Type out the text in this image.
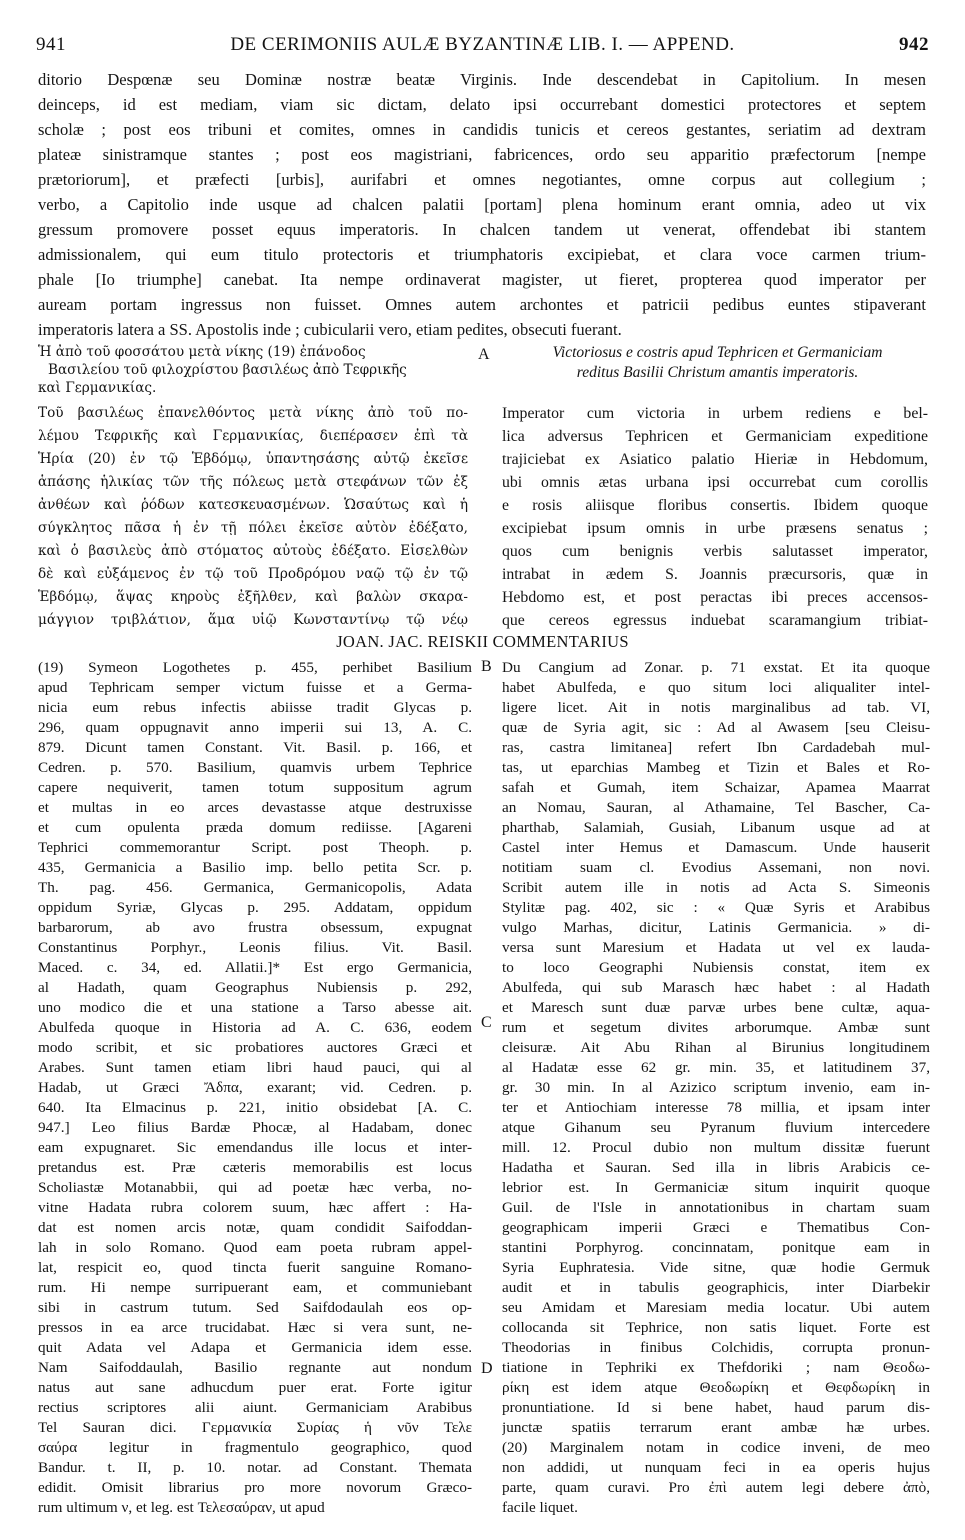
941	DE CERIMONIIS AULÆ BYZANTINÆ LIB. I. — APPEND.	942
ditorio Despœnæ seu Dominæ nostræ beatæ Virginis. Inde descendebat in Capitolium. In mesen
deinceps, id est mediam, viam sic dictam, delato ipsi occurrebant domestici protectores et septem
scholæ ; post eos tribuni et comites, omnes in candidis tunicis et cereos gestantes, seriatim ad dextram
plateæ sinistramque stantes ; post eos magistriani, fabricences, ordo seu apparitio præfectorum [nempe
prætoriorum], et præfecti [urbis], aurifabri et omnes negotiantes, omne corpus aut collegium ;
verbo, a Capitolio inde usque ad chalcen palatii [portam] plena hominum erant omnia, adeo ut vix
gressum promovere posset equus imperatoris. In chalcen tandem ut venerat, offendebat ibi stantem
admissionalem, qui eum titulo protectoris et triumphatoris excipiebat, et clara voce carmen trium-
phale [Io triumphe] canebat. Ita nempe ordinaverat magister, ut fieret, propterea quod imperator per
auream portam ingressus non fuisset. Omnes autem archontes et patricii pedibus euntes stipaverant
imperatoris latera a SS. Apostolis inde ; cubicularii vero, etiam pedites, obsecuti fuerant.
Ἡ ἀπὸ τοῦ φοσσάτου μετὰ νίκης (19) ἐπάνοδος
Βασιλείου τοῦ φιλοχρίστου βασιλέως ἀπὸ Τεφρικῆς
καὶ Γερμανικίας.
A	Victoriosus e costris apud Tephricen et Germaniciam
reditus Basilii Christum amantis imperatoris.
Τοῦ βασιλέως ἐπανελθόντος μετὰ νίκης ἀπὸ τοῦ πο-
λέμου Τεφρικῆς καὶ Γερμανικίας, διεπέρασεν ἐπὶ τὰ
Ἡρία (20) ἐν τῷ Ἑβδόμῳ, ὑπαντησάσης αὐτῷ ἐκεῖσε
ἁπάσης ἡλικίας τῶν τῆς πόλεως μετὰ στεφάνων τῶν ἐξ
ἀνθέων καὶ ῥόδων κατεσκευασμένων. Ὡσαύτως καὶ ἡ
σύγκλητος πᾶσα ἡ ἐν τῇ πόλει ἐκεῖσε αὐτὸν ἐδέξατο,
καὶ ὁ βασιλεὺς ἀπὸ στόματος αὐτοὺς ἐδέξατο. Εἰσελθὼν
δὲ καὶ εὐξάμενος ἐν τῷ τοῦ Προδρόμου ναῷ τῷ ἐν τῷ
Ἑβδόμῳ, ἅψας κηροὺς ἐξῆλθεν, καὶ βαλὼν σκαρα-
μάγγιον τριβλάτιον, ἅμα υἱῷ Κωνσταντίνῳ τῷ νέῳ
Imperator cum victoria in urbem rediens e bel-
lica adversus Tephricen et Germaniciam expeditione
trajiciebat ex Asiatico palatio Hieriæ in Hebdomum,
ubi omnis ætas urbana ipsi occurrebat cum corollis
e rosis aliisque floribus consertis. Ibidem quoque
excipiebat ipsum omnis in urbe præsens senatus ;
quos cum benignis verbis salutasset imperator,
intrabat in ædem S. Joannis præcursoris, quæ in
Hebdomo est, et post peractas ibi preces accensos-
que cereos egressus induebat scaramangium tribiat-
JOAN. JAC. REISKII COMMENTARIUS
B
C
D
(19) Symeon Logothetes p. 455, perhibet Basilium
apud Tephricam semper victum fuisse et a Germa-
nicia eum rebus infectis abiisse tradit Glycas p.
296, quam oppugnavit anno imperii sui 13, A. C.
879. Dicunt tamen Constant. Vit. Basil. p. 166, et
Cedren. p. 570. Basilium, quamvis urbem Tephrice
capere nequiverit, tamen totum suppositum agrum
et multas in eo arces devastasse atque destruxisse
et cum opulenta præda domum rediisse. [Agareni
Tephrici commemorantur Script. post Theoph. p.
435, Germanicia a Basilio imp. bello petita Scr. p.
Th. pag. 456. Germanica, Germanicopolis, Adata
oppidum Syriæ, Glycas p. 295. Addatam, oppidum
barbarorum, ab avo frustra obsessum, expugnat
Constantinus Porphyr., Leonis filius. Vit. Basil.
Maced. c. 34, ed. Allatii.]* Est ergo Germanicia,
al Hadath, quam Geographus Nubiensis p. 292,
uno modico die et una statione a Tarso abesse ait.
Abulfeda quoque in Historia ad A. C. 636, eodem
modo scribit, et sic probatiores auctores Græci et
Arabes. Sunt tamen etiam libri haud pauci, qui al
Hadab, ut Græci Ἄδπα, exarant; vid. Cedren. p.
640. Ita Elmacinus p. 221, initio obsidebat [A. C.
947.] Leo filius Bardæ Phocæ, al Hadabam, donec
eam expugnaret. Sic emendandus ille locus et inter-
pretandus est. Præ cæteris memorabilis est locus
Scholiastæ Motanabbii, qui ad poetæ hæc verba, no-
vitne Hadata rubra colorem suum, hæc affert : Ha-
dat est nomen arcis notæ, quam condidit Saifoddan-
lah in solo Romano. Quod eam poeta rubram appel-
lat, respicit eo, quod tincta fuerit sanguine Romano-
rum. Hi nempe surripuerant eam, et communiebant
sibi in castrum tutum. Sed Saifdodaulah eos op-
pressos in ea arce trucidabat. Hæc si vera sunt, ne-
quit Adata vel Adapa et Germanicia idem esse.
Nam Saifoddaulah, Basilio regnante aut nondum
natus aut sane adhucdum puer erat. Forte igitur
rectius scriptores alii aiunt. Germaniciam Arabibus
Tel Sauran dici. Γερμανικία Συρίας ἡ νῦν Τελε
σαύρα legitur in fragmentulo geographico, quod
Bandur. t. II, p. 10. notar. ad Constant. Themata
edidit. Omisit librarius pro more novorum Græco-
rum ultimum ν, et leg. est Τελεσαύραν, ut apud
Du Cangium ad Zonar. p. 71 exstat. Et ita quoque
habet Abulfeda, e quo situm loci aliqualiter intel-
ligere licet. Ait in notis marginalibus ad tab. VI,
quæ de Syria agit, sic : Ad al Awasem [seu Cleisu-
ras, castra limitanea] refert Ibn Cardadebah mul-
tas, ut eparchias Mambeg et Tizin et Bales et Ro-
safah et Gumah, item Schaizar, Apamea Maarrat
an Nomau, Sauran, al Athamaine, Tel Bascher, Ca-
pharthab, Salamiah, Gusiah, Libanum usque ad at
Castel inter Hemus et Damascum. Unde hauserit
notitiam suam cl. Evodius Assemani, non novi.
Scribit autem ille in notis ad Acta S. Simeonis
Stylitæ pag. 402, sic : « Quæ Syris et Arabibus
vulgo Marhas, dicitur, Latinis Germanicia. » di-
versa sunt Maresium et Hadata ut vel ex lauda-
to loco Geographi Nubiensis constat, item ex
Abulfeda, qui sub Marasch hæc habet : al Hadath
et Maresch sunt duæ parvæ urbes bene cultæ, aqua-
rum et segetum divites arborumque. Ambæ sunt
cleisuræ. Ait Abu Rihan al Birunius longitudinem
al Hadatæ esse 62 gr. min. 35, et latitudinem 37,
gr. 30 min. In al Azizico scriptum invenio, eam in-
ter et Antiochiam interesse 78 millia, et ipsam inter
atque Gihanum seu Pyranum fluvium intercedere
mill. 12. Procul dubio non multum dissitæ fuerunt
Hadatha et Sauran. Sed illa in libris Arabicis ce-
lebrior est. In Germaniciæ situm inquirit quoque
Guil. de l'Isle in annotationibus in chartam suam
geographicam imperii Græci e Thematibus Con-
stantini Porphyrog. concinnatam, ponitque eam in
Syria Euphratesia. Vide sitne, quæ hodie Germuk
audit et in tabulis geographicis, inter Diarbekir
seu Amidam et Maresiam media locatur. Ubi autem
collocanda sit Tephrice, non satis liquet. Forte est
Theodorias in finibus Colchidis, corrupta pronun-
tiatione in Tephriki ex Thefdoriki ; nam Θεοδω-
ρίκη est idem atque Θεοδωρίκη et Θεφδωρίκη in
pronuntiatione. Id si bene habet, haud parum dis-
junctæ spatiis terrarum erant ambæ hæ urbes.
(20) Marginalem notam in codice inveni, de meo
non addidi, ut nunquam feci in ea operis hujus
parte, quam curavi. Pro ἐπὶ autem legi debere ἀπὸ,
facile liquet.
